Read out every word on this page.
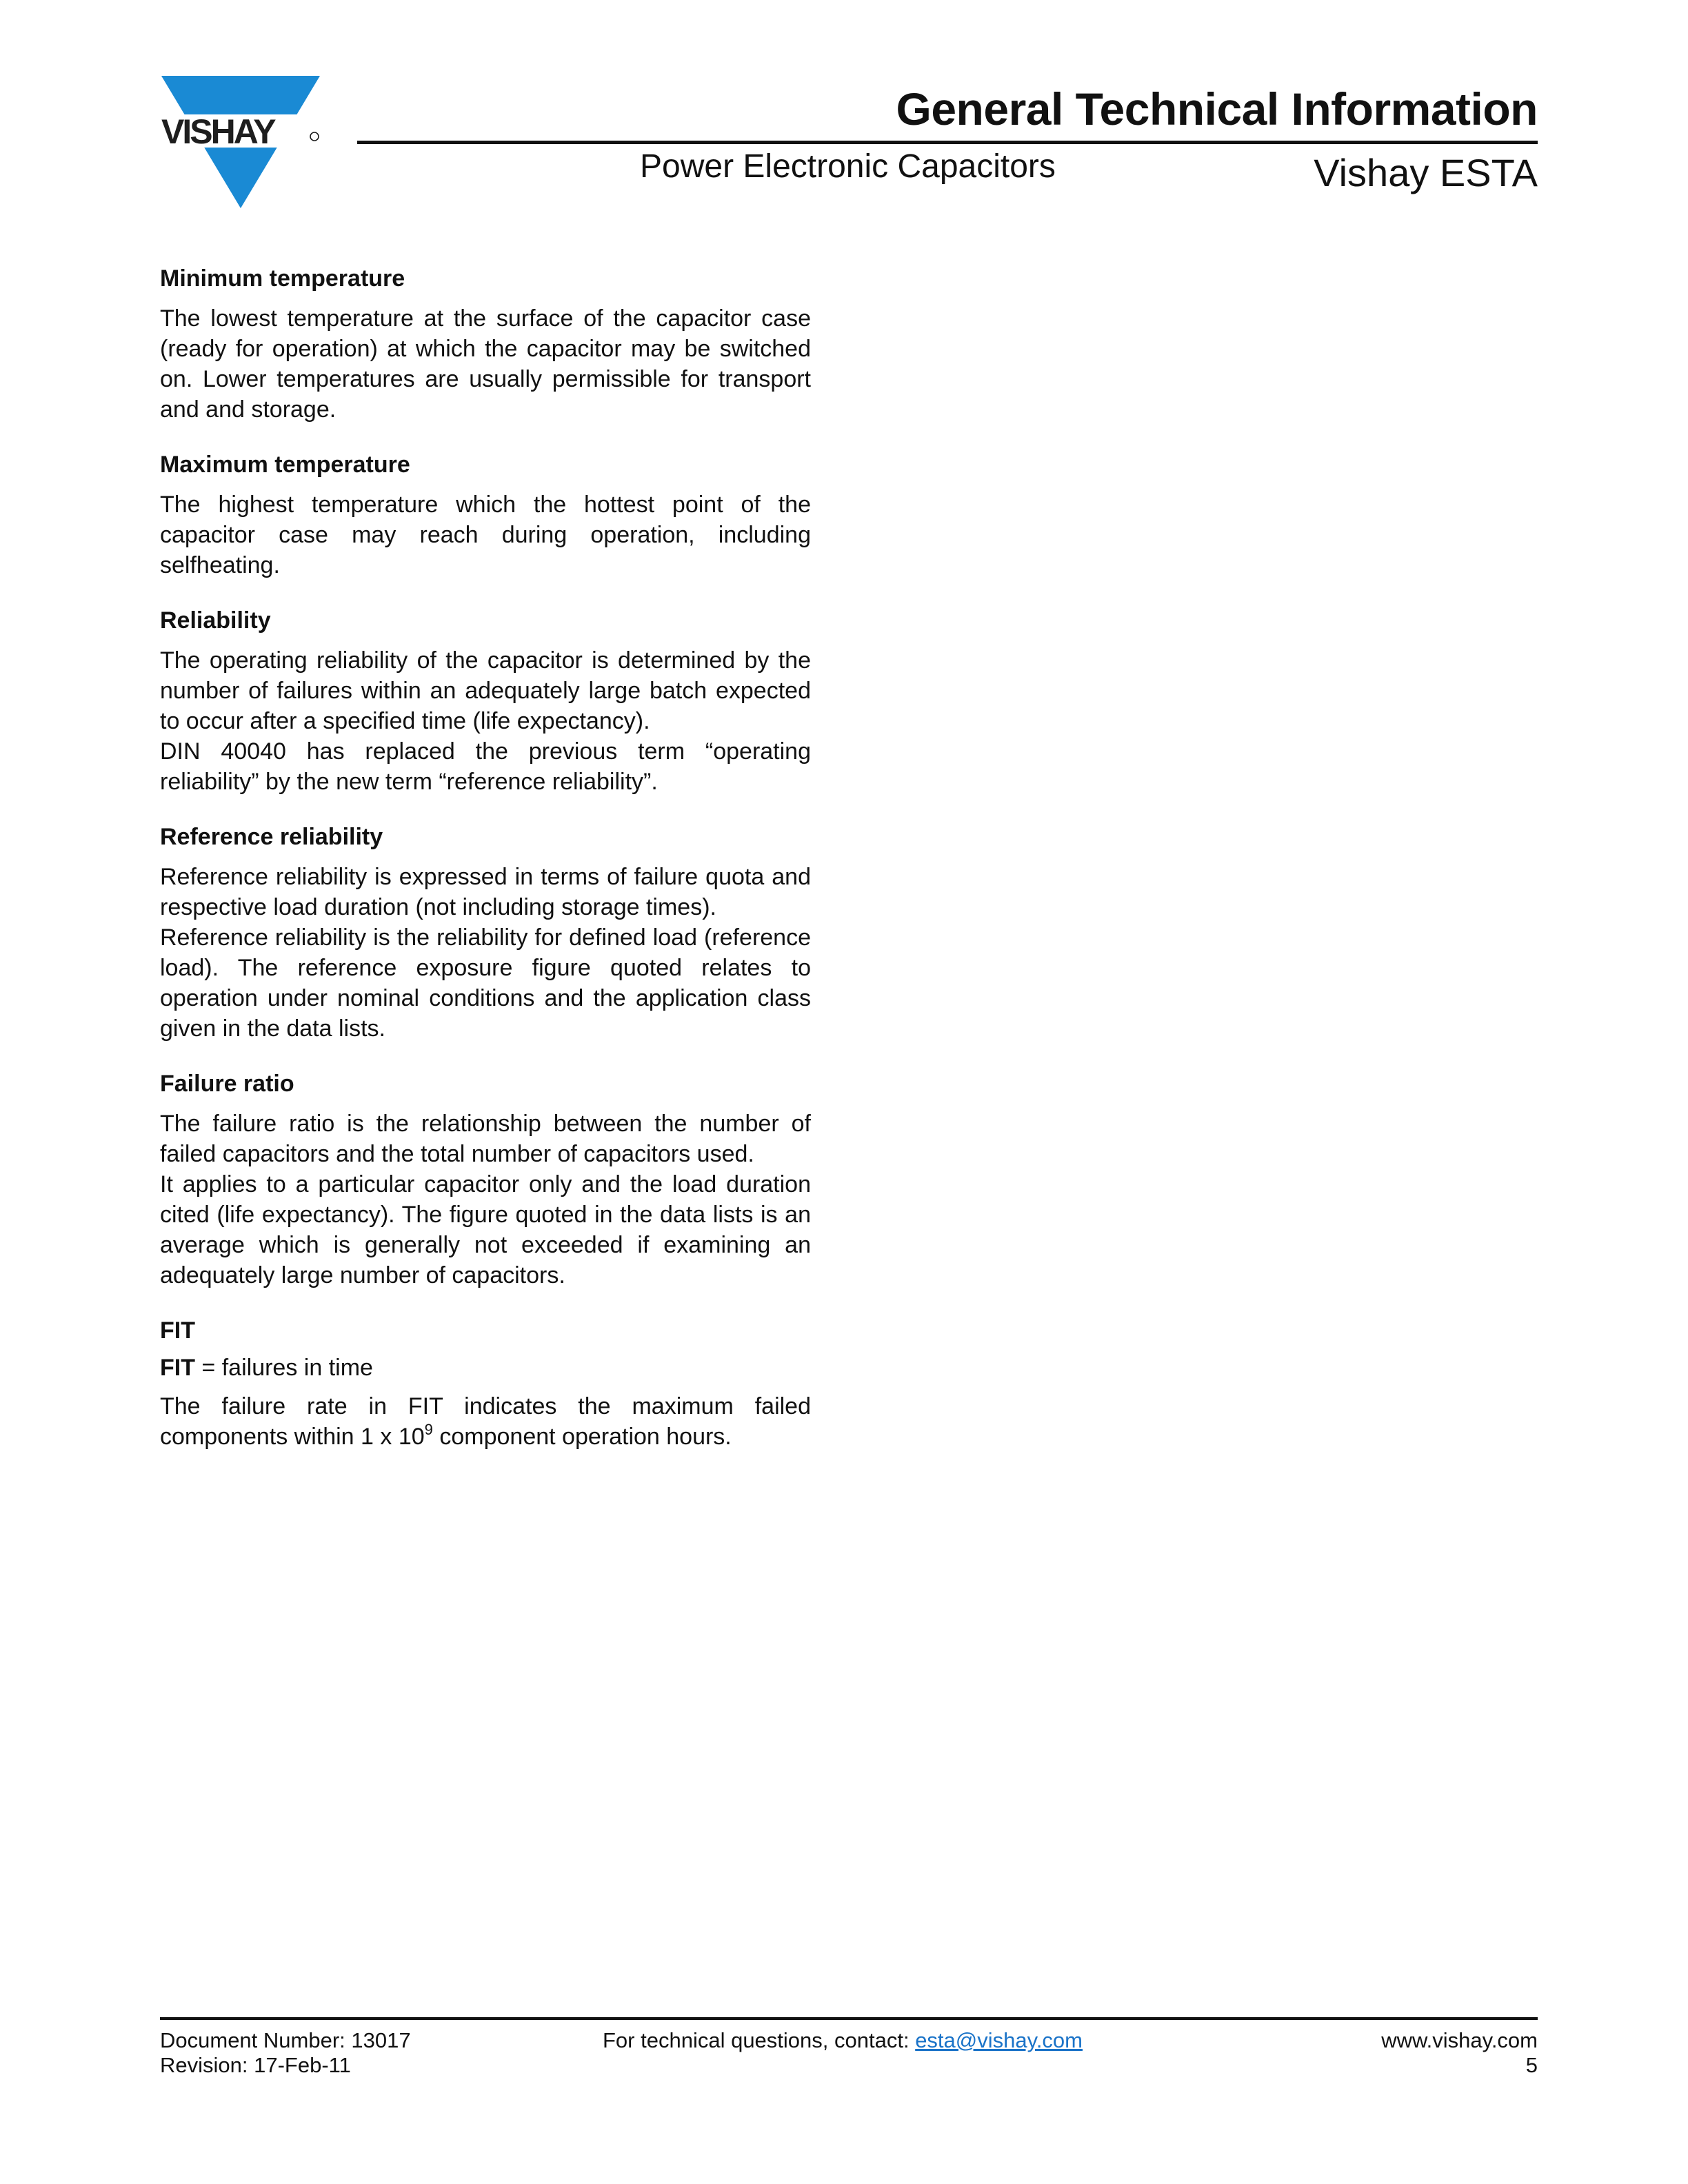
VISHAY	General Technical Information
Power Electronic Capacitors	Vishay ESTA
Minimum temperature

The lowest temperature at the surface of the capacitor case (ready for operation) at which the capacitor may be switched on. Lower temperatures are usually permissible for transport and and storage.

Maximum temperature

The highest temperature which the hottest point of the capacitor case may reach during operation, including selfheating.

Reliability

The operating reliability of the capacitor is determined by the number of failures within an adequately large batch expected to occur after a specified time (life expectancy).

DIN 40040 has replaced the previous term “operating reliability” by the new term “reference reliability”.

Reference reliability

Reference reliability is expressed in terms of failure quota and respective load duration (not including storage times).

Reference reliability is the reliability for defined load (reference load). The reference exposure figure quoted relates to operation under nominal conditions and the application class given in the data lists.

Failure ratio

The failure ratio is the relationship between the number of failed capacitors and the total number of capacitors used.

It applies to a particular capacitor only and the load duration cited (life expectancy). The figure quoted in the data lists is an average which is generally not exceeded if examining an adequately large number of capacitors.

FIT

FIT = failures in time

The failure rate in FIT indicates the maximum failed components within 1 x $10^9$ component operation hours.

Document Number: 13017
Revision: 17-Feb-11
For technical questions, contact: esta@vishay.com	www.vishay.com
5
